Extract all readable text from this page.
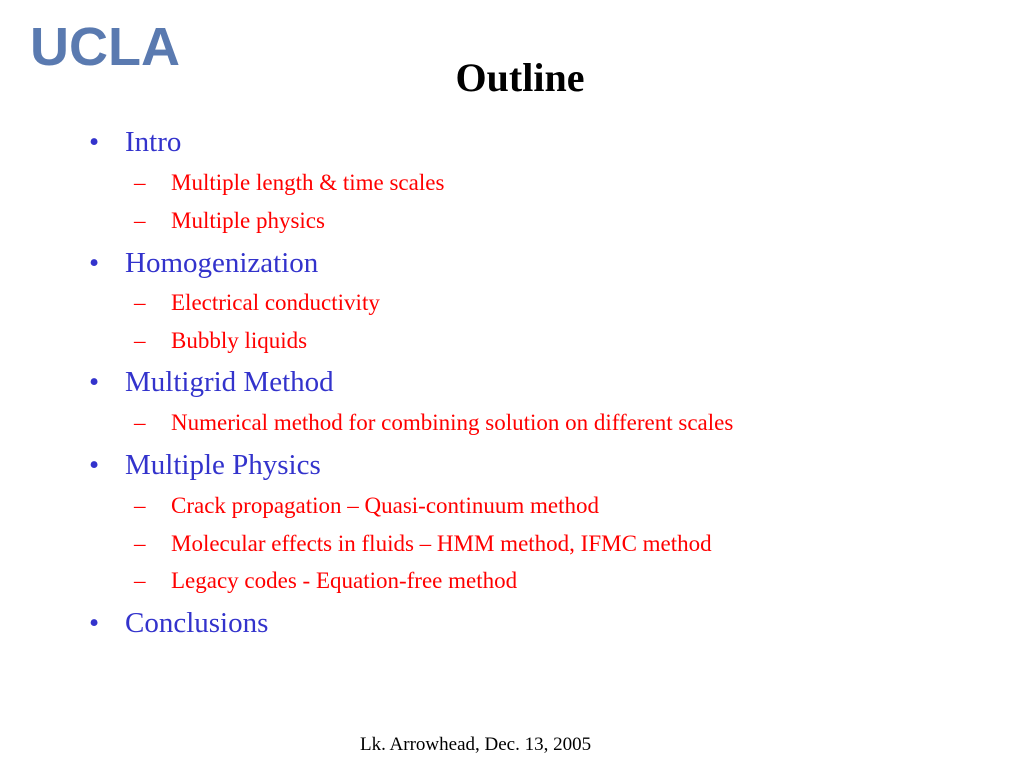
UCLA
Outline
• Intro
– Multiple length & time scales
– Multiple physics
• Homogenization
– Electrical conductivity
– Bubbly liquids
• Multigrid Method
– Numerical method for combining solution on different scales
• Multiple Physics
– Crack propagation – Quasi-continuum method
– Molecular effects in fluids – HMM method, IFMC method
– Legacy codes - Equation-free method
• Conclusions
Lk. Arrowhead, Dec. 13, 2005
